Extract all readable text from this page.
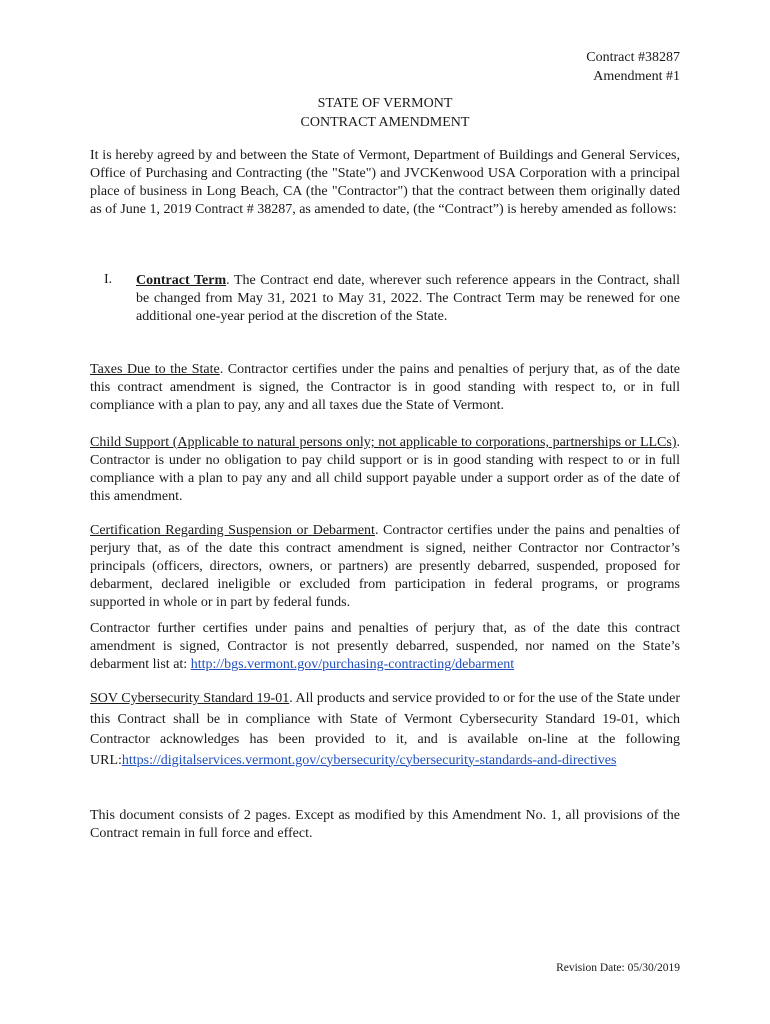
Contract #38287
Amendment #1
STATE OF VERMONT
CONTRACT AMENDMENT
It is hereby agreed by and between the State of Vermont, Department of Buildings and General Services, Office of Purchasing and Contracting (the "State") and JVCKenwood USA Corporation with a principal place of business in Long Beach, CA (the "Contractor") that the contract between them originally dated as of June 1, 2019 Contract # 38287, as amended to date, (the “Contract”) is hereby amended as follows:
I. Contract Term. The Contract end date, wherever such reference appears in the Contract, shall be changed from May 31, 2021 to May 31, 2022. The Contract Term may be renewed for one additional one-year period at the discretion of the State.
Taxes Due to the State. Contractor certifies under the pains and penalties of perjury that, as of the date this contract amendment is signed, the Contractor is in good standing with respect to, or in full compliance with a plan to pay, any and all taxes due the State of Vermont.
Child Support (Applicable to natural persons only; not applicable to corporations, partnerships or LLCs). Contractor is under no obligation to pay child support or is in good standing with respect to or in full compliance with a plan to pay any and all child support payable under a support order as of the date of this amendment.
Certification Regarding Suspension or Debarment. Contractor certifies under the pains and penalties of perjury that, as of the date this contract amendment is signed, neither Contractor nor Contractor’s principals (officers, directors, owners, or partners) are presently debarred, suspended, proposed for debarment, declared ineligible or excluded from participation in federal programs, or programs supported in whole or in part by federal funds.
Contractor further certifies under pains and penalties of perjury that, as of the date this contract amendment is signed, Contractor is not presently debarred, suspended, nor named on the State’s debarment list at: http://bgs.vermont.gov/purchasing-contracting/debarment
SOV Cybersecurity Standard 19-01. All products and service provided to or for the use of the State under this Contract shall be in compliance with State of Vermont Cybersecurity Standard 19-01, which Contractor acknowledges has been provided to it, and is available on-line at the following URL:https://digitalservices.vermont.gov/cybersecurity/cybersecurity-standards-and-directives
This document consists of 2 pages. Except as modified by this Amendment No. 1, all provisions of the Contract remain in full force and effect.
Revision Date: 05/30/2019
